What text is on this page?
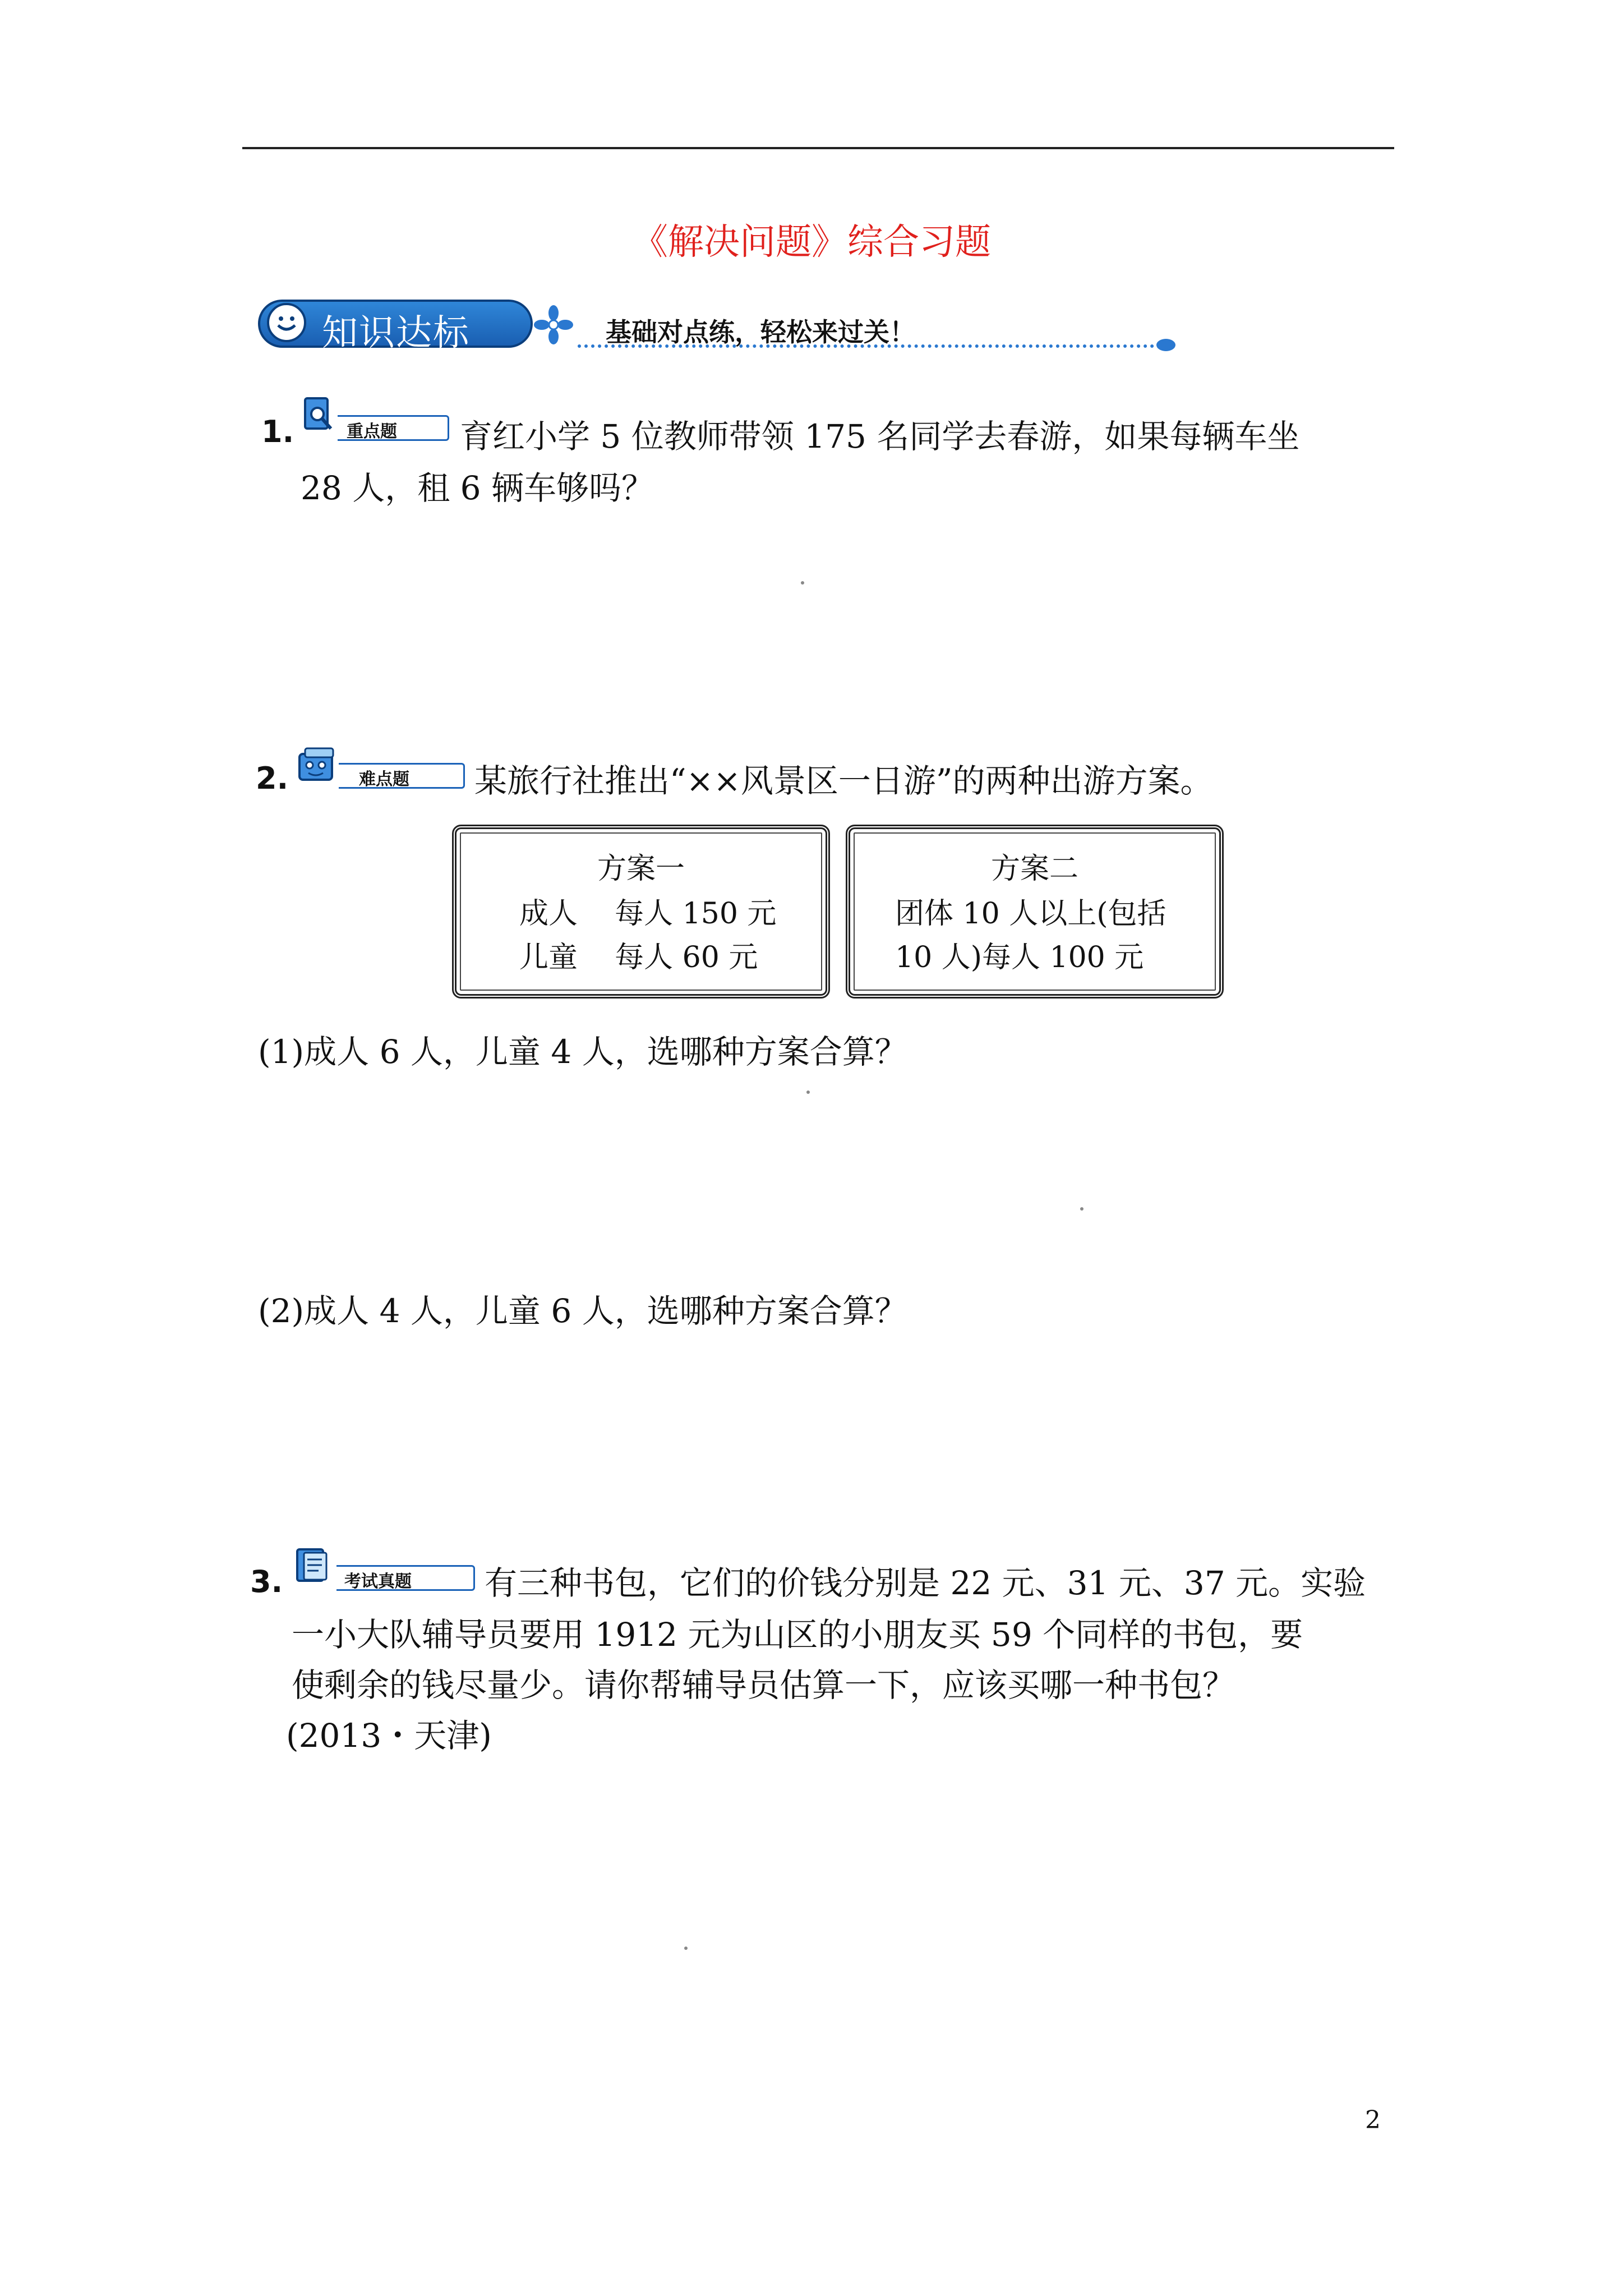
《解决问题》综合习题
知识达标	基础对点练，轻松来过关！
1.	重点题 育红小学 5 位教师带领 175 名同学去春游，如果每辆车坐
28 人，租 6 辆车够吗？
2.	难点题 某旅行社推出“××风景区一日游”的两种出游方案。
方案一
成人    每人 150 元
儿童    每人 60 元
方案二
团体 10 人以上(包括
10 人)每人 100 元
(1)成人 6 人，儿童 4 人，选哪种方案合算？
(2)成人 4 人，儿童 6 人，选哪种方案合算？
3.	考试真题 有三种书包，它们的价钱分别是 22 元、31 元、37 元。实验
一小大队辅导员要用 1912 元为山区的小朋友买 59 个同样的书包，要
使剩余的钱尽量少。请你帮辅导员估算一下，应该买哪一种书包？
(2013・天津)
2
